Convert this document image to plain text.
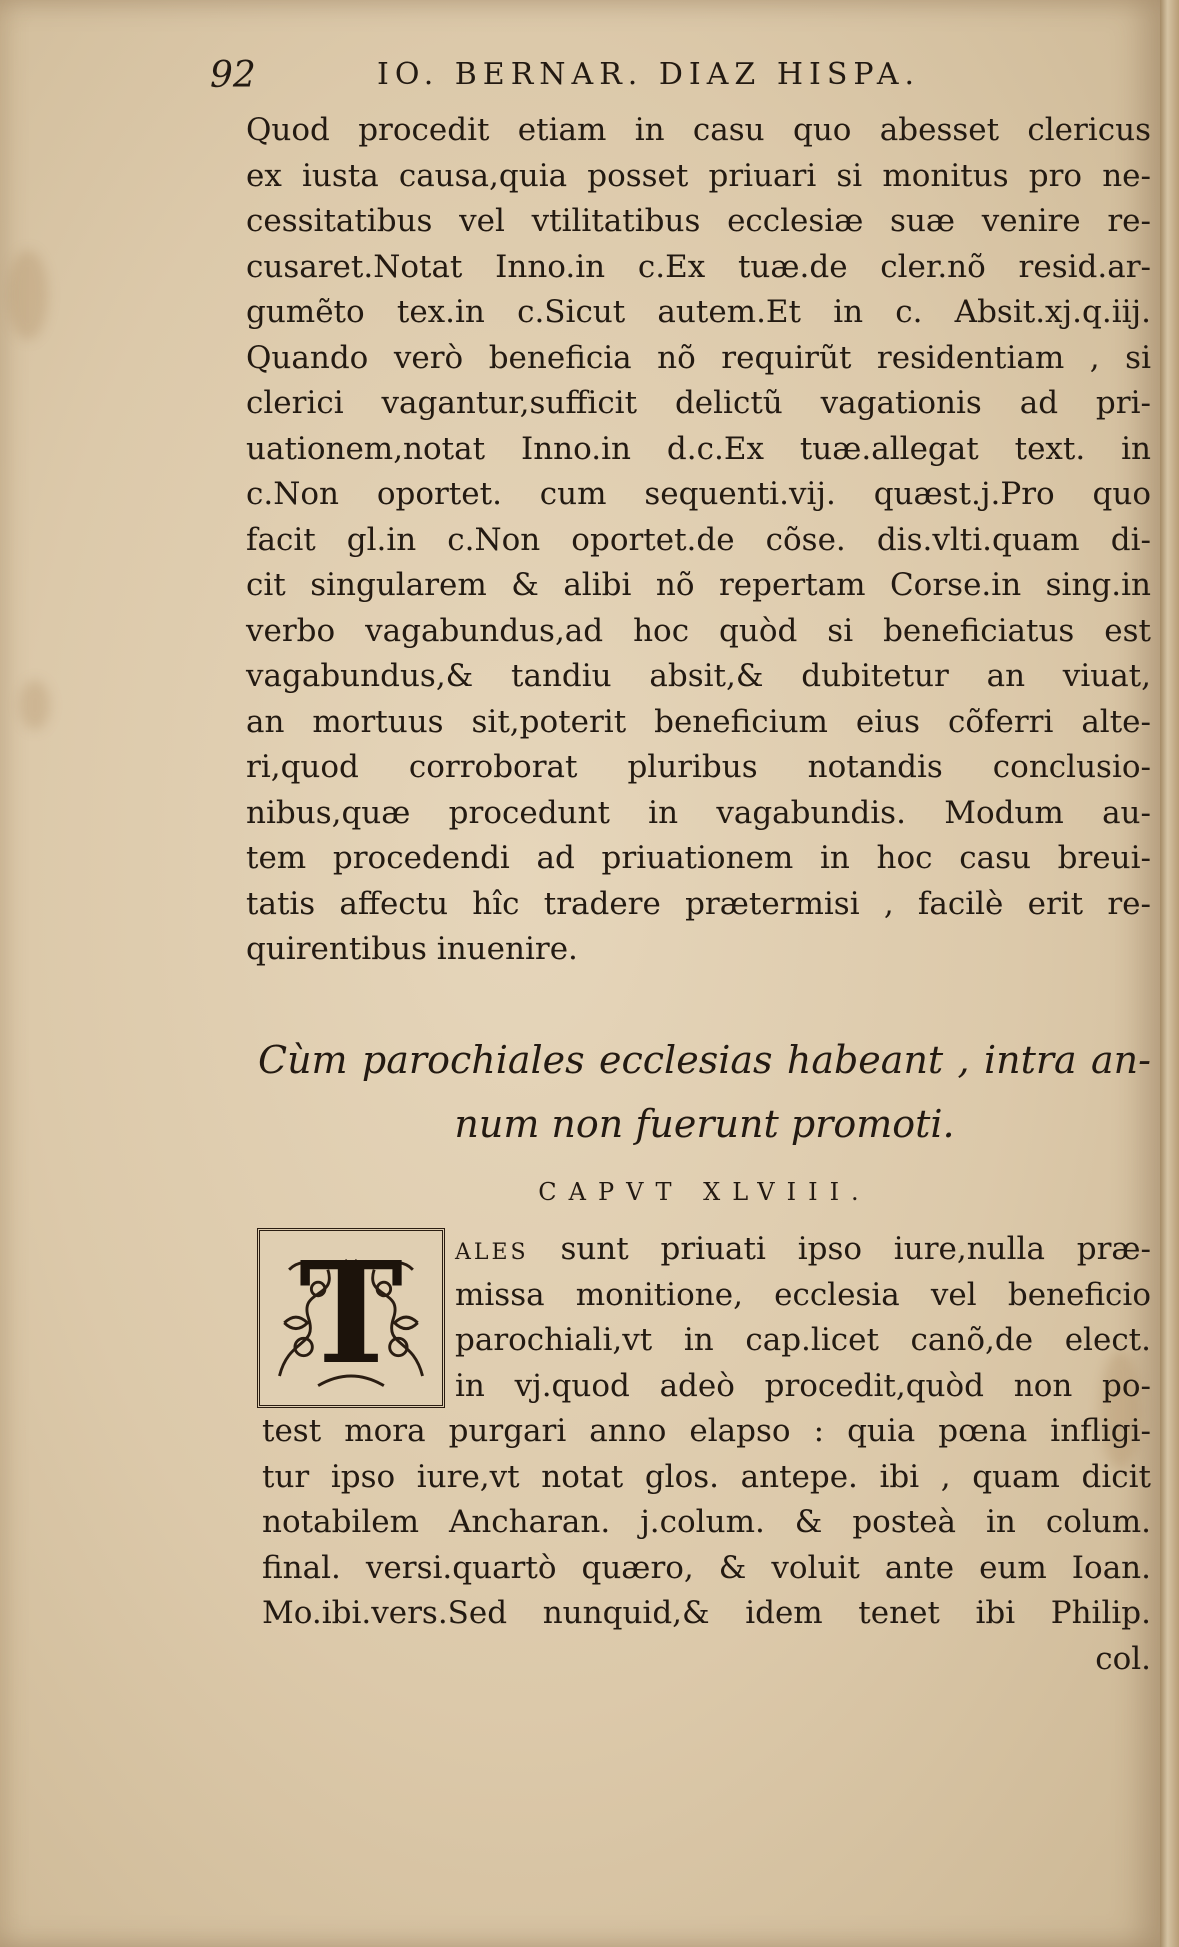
92	IO. BERNAR. DIAZ HISPA.
Quod procedit etiam in casu quo abesset clericus
ex iusta causa,quia posset priuari si monitus pro ne-
cessitatibus vel vtilitatibus ecclesiæ suæ venire re-
cusaret.Notat Inno.in c.Ex tuæ.de cler.nõ resid.ar-
gumẽto tex.in c.Sicut autem.Et in c. Absit.xj.q.iij.
Quando verò beneficia nõ requirũt residentiam , si
clerici vagantur,sufficit delictũ vagationis ad pri-
uationem,notat Inno.in d.c.Ex tuæ.allegat text. in
c.Non oportet. cum sequenti.vij. quæst.j.Pro quo
facit gl.in c.Non oportet.de cõse. dis.vlti.quam di-
cit singularem & alibi nõ repertam Corse.in sing.in
verbo vagabundus,ad hoc quòd si beneficiatus est
vagabundus,& tandiu absit,& dubitetur an viuat,
an mortuus sit,poterit beneficium eius cõferri alte-
ri,quod corroborat pluribus notandis conclusio-
nibus,quæ procedunt in vagabundis. Modum au-
tem procedendi ad priuationem in hoc casu breui-
tatis affectu hîc tradere prætermisi , facilè erit re-
quirentibus inuenire.
Cùm parochiales ecclesias habeant , intra an-
num non fuerunt promoti.
CAPVT XLVIII.
T	ALES sunt priuati ipso iure,nulla præ-
missa monitione, ecclesia vel beneficio
parochiali,vt in cap.licet canõ,de elect.
in vj.quod adeò procedit,quòd non po-
test mora purgari anno elapso : quia pœna infligi-
tur ipso iure,vt notat glos. antepe. ibi , quam dicit
notabilem Ancharan. j.colum. & posteà in colum.
final. versi.quartò quæro, & voluit ante eum Ioan.
Mo.ibi.vers.Sed nunquid,& idem tenet ibi Philip.
col.
